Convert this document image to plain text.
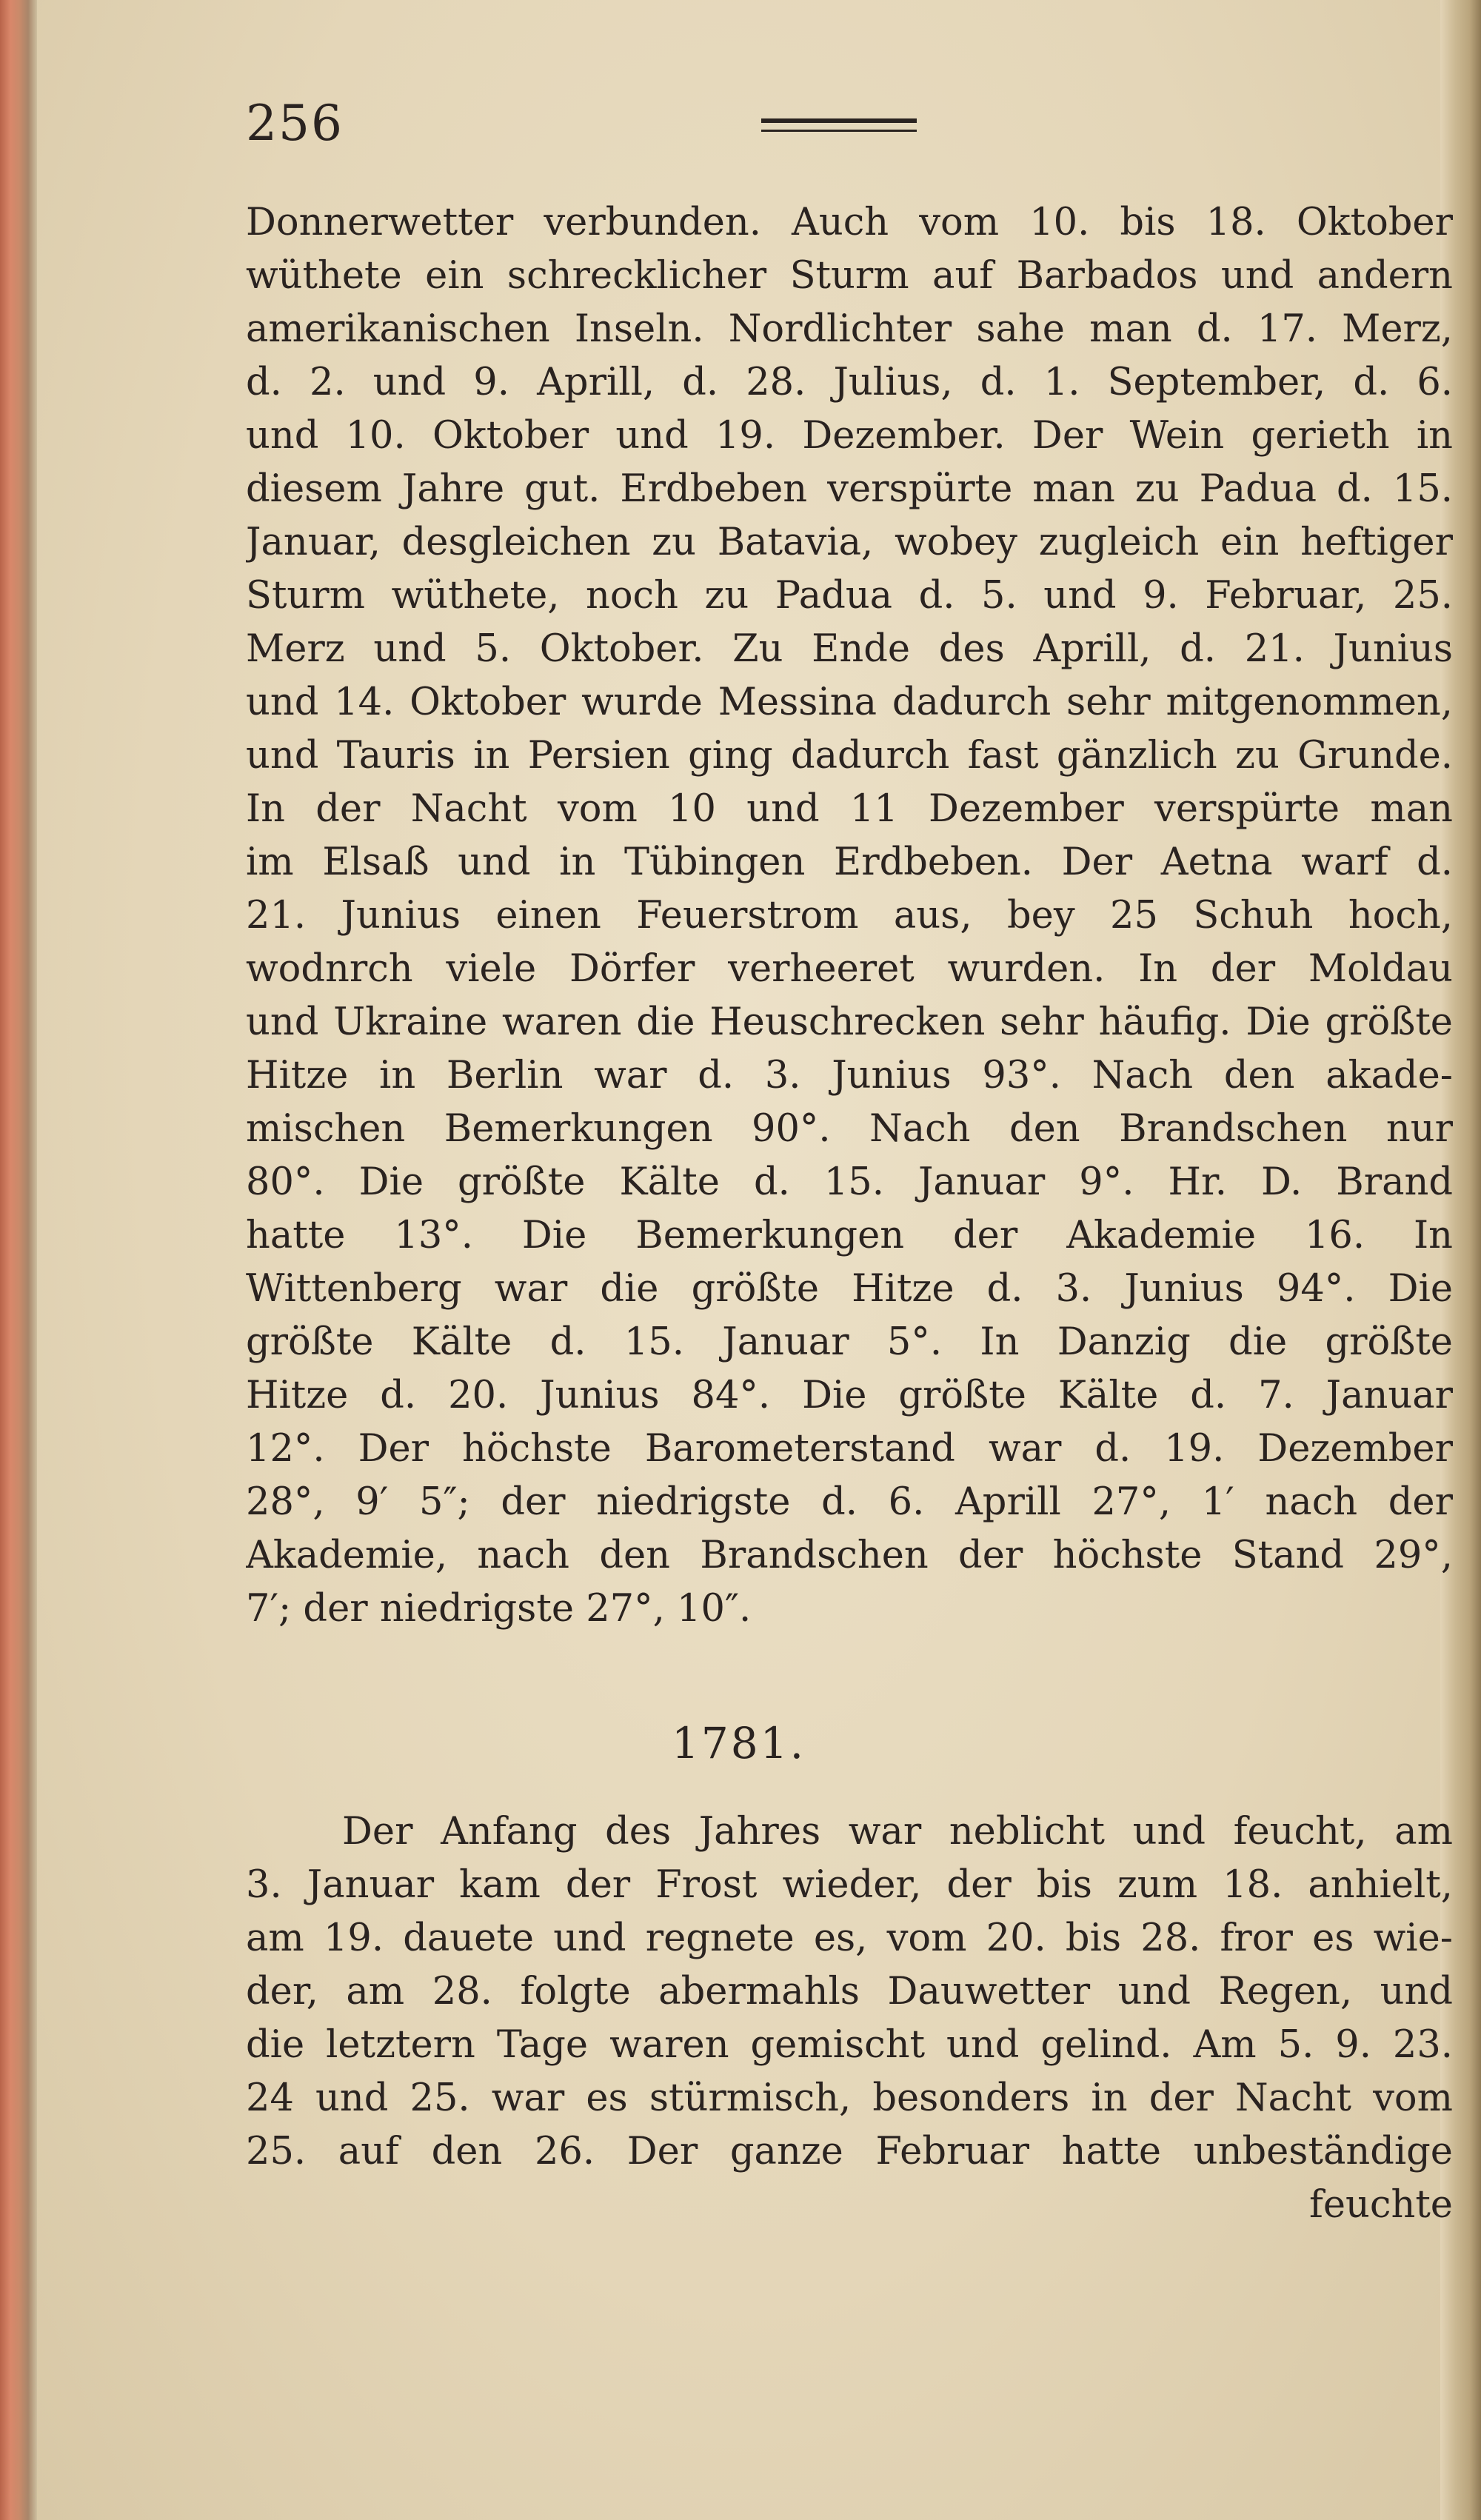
256
Donnerwetter verbunden. Auch vom 10. bis 18. Oktober
wüthete ein schrecklicher Sturm auf Barbados und andern
amerikanischen Inseln. Nordlichter sahe man d. 17. Merz,
d. 2. und 9. Aprill, d. 28. Julius, d. 1. September, d. 6.
und 10. Oktober und 19. Dezember. Der Wein gerieth in
diesem Jahre gut. Erdbeben verspürte man zu Padua d. 15.
Januar, desgleichen zu Batavia, wobey zugleich ein heftiger
Sturm wüthete, noch zu Padua d. 5. und 9. Februar, 25.
Merz und 5. Oktober. Zu Ende des Aprill, d. 21. Junius
und 14. Oktober wurde Messina dadurch sehr mitgenommen,
und Tauris in Persien ging dadurch fast gänzlich zu Grunde.
In der Nacht vom 10 und 11 Dezember verspürte man
im Elsaß und in Tübingen Erdbeben. Der Aetna warf d.
21. Junius einen Feuerstrom aus, bey 25 Schuh hoch,
wodnrch viele Dörfer verheeret wurden. In der Moldau
und Ukraine waren die Heuschrecken sehr häufig. Die größte
Hitze in Berlin war d. 3. Junius 93°. Nach den akade-
mischen Bemerkungen 90°. Nach den Brandschen nur
80°. Die größte Kälte d. 15. Januar 9°. Hr. D. Brand
hatte 13°. Die Bemerkungen der Akademie 16. In
Wittenberg war die größte Hitze d. 3. Junius 94°. Die
größte Kälte d. 15. Januar 5°. In Danzig die größte
Hitze d. 20. Junius 84°. Die größte Kälte d. 7. Januar
12°. Der höchste Barometerstand war d. 19. Dezember
28°, 9′ 5″; der niedrigste d. 6. Aprill 27°, 1′ nach der
Akademie, nach den Brandschen der höchste Stand 29°,
7′; der niedrigste 27°, 10″.
1781.
Der Anfang des Jahres war neblicht und feucht, am
3. Januar kam der Frost wieder, der bis zum 18. anhielt,
am 19. dauete und regnete es, vom 20. bis 28. fror es wie-
der, am 28. folgte abermahls Dauwetter und Regen, und
die letztern Tage waren gemischt und gelind. Am 5. 9. 23.
24 und 25. war es stürmisch, besonders in der Nacht vom
25. auf den 26. Der ganze Februar hatte unbeständige
feuchte
